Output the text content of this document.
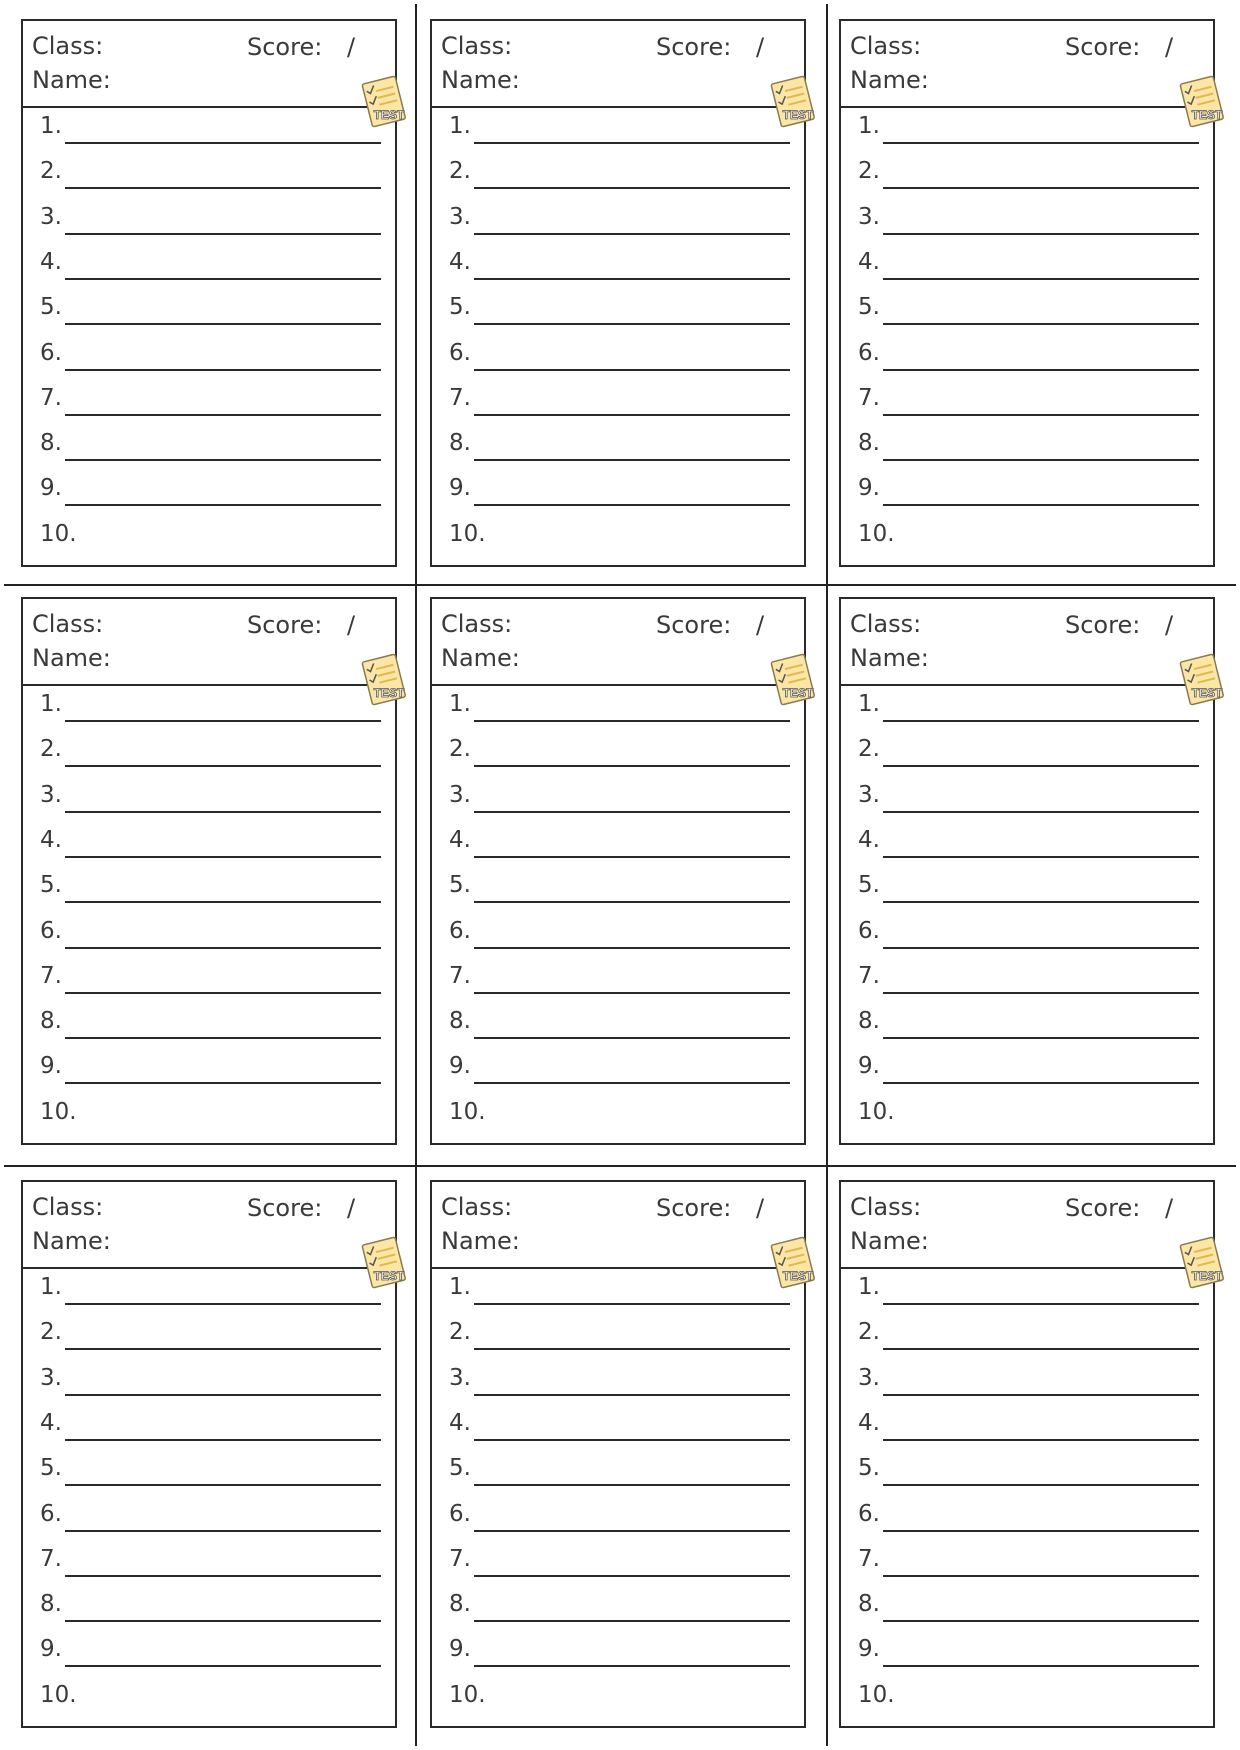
Class:
Name:
Score: /
TEST
1.
2.
3.
4.
5.
6.
7.
8.
9.
10.
Class:
Name:
Score: /
TEST
1.
2.
3.
4.
5.
6.
7.
8.
9.
10.
Class:
Name:
Score: /
TEST
1.
2.
3.
4.
5.
6.
7.
8.
9.
10.
Class:
Name:
Score: /
TEST
1.
2.
3.
4.
5.
6.
7.
8.
9.
10.
Class:
Name:
Score: /
TEST
1.
2.
3.
4.
5.
6.
7.
8.
9.
10.
Class:
Name:
Score: /
TEST
1.
2.
3.
4.
5.
6.
7.
8.
9.
10.
Class:
Name:
Score: /
TEST
1.
2.
3.
4.
5.
6.
7.
8.
9.
10.
Class:
Name:
Score: /
TEST
1.
2.
3.
4.
5.
6.
7.
8.
9.
10.
Class:
Name:
Score: /
TEST
1.
2.
3.
4.
5.
6.
7.
8.
9.
10.
